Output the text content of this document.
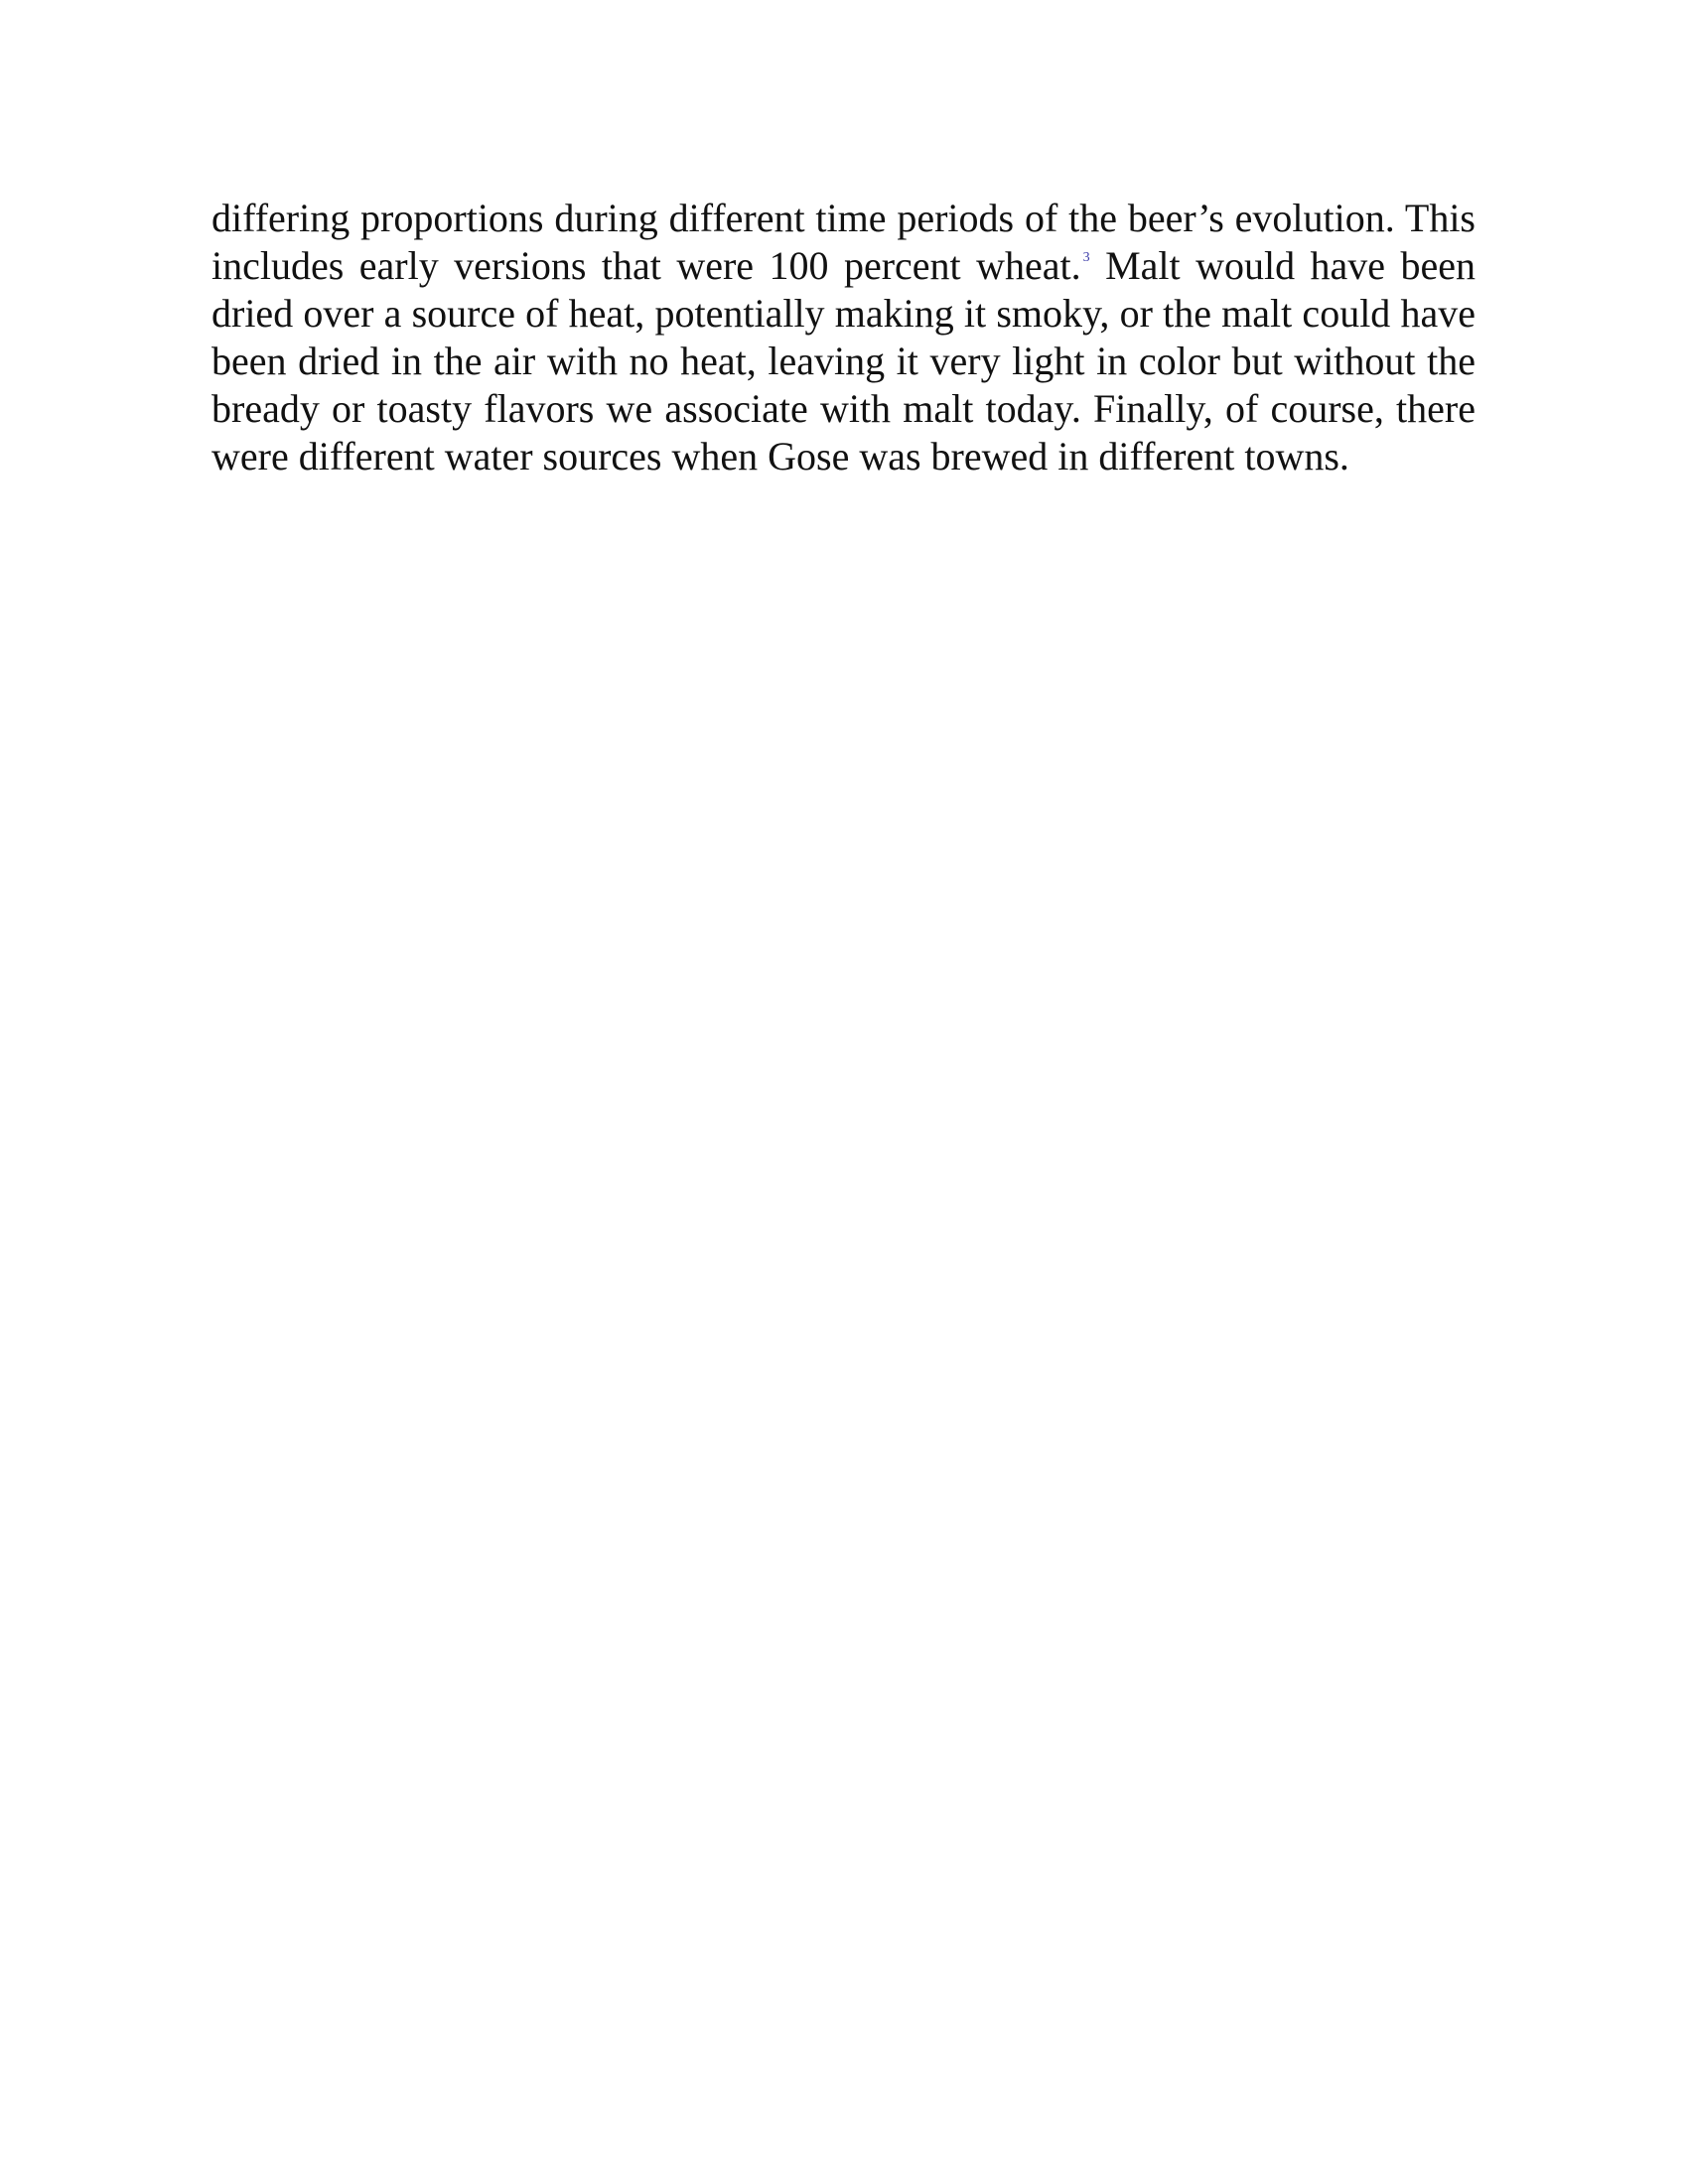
differing proportions during different time periods of the beer’s evolution. This includes early versions that were 100 percent wheat. $^3$ Malt would have been dried over a source of heat, potentially making it smoky, or the malt could have been dried in the air with no heat, leaving it very light in color but without the bready or toasty flavors we associate with malt today. Finally, of course, there were different water sources when Gose was brewed in different towns.
